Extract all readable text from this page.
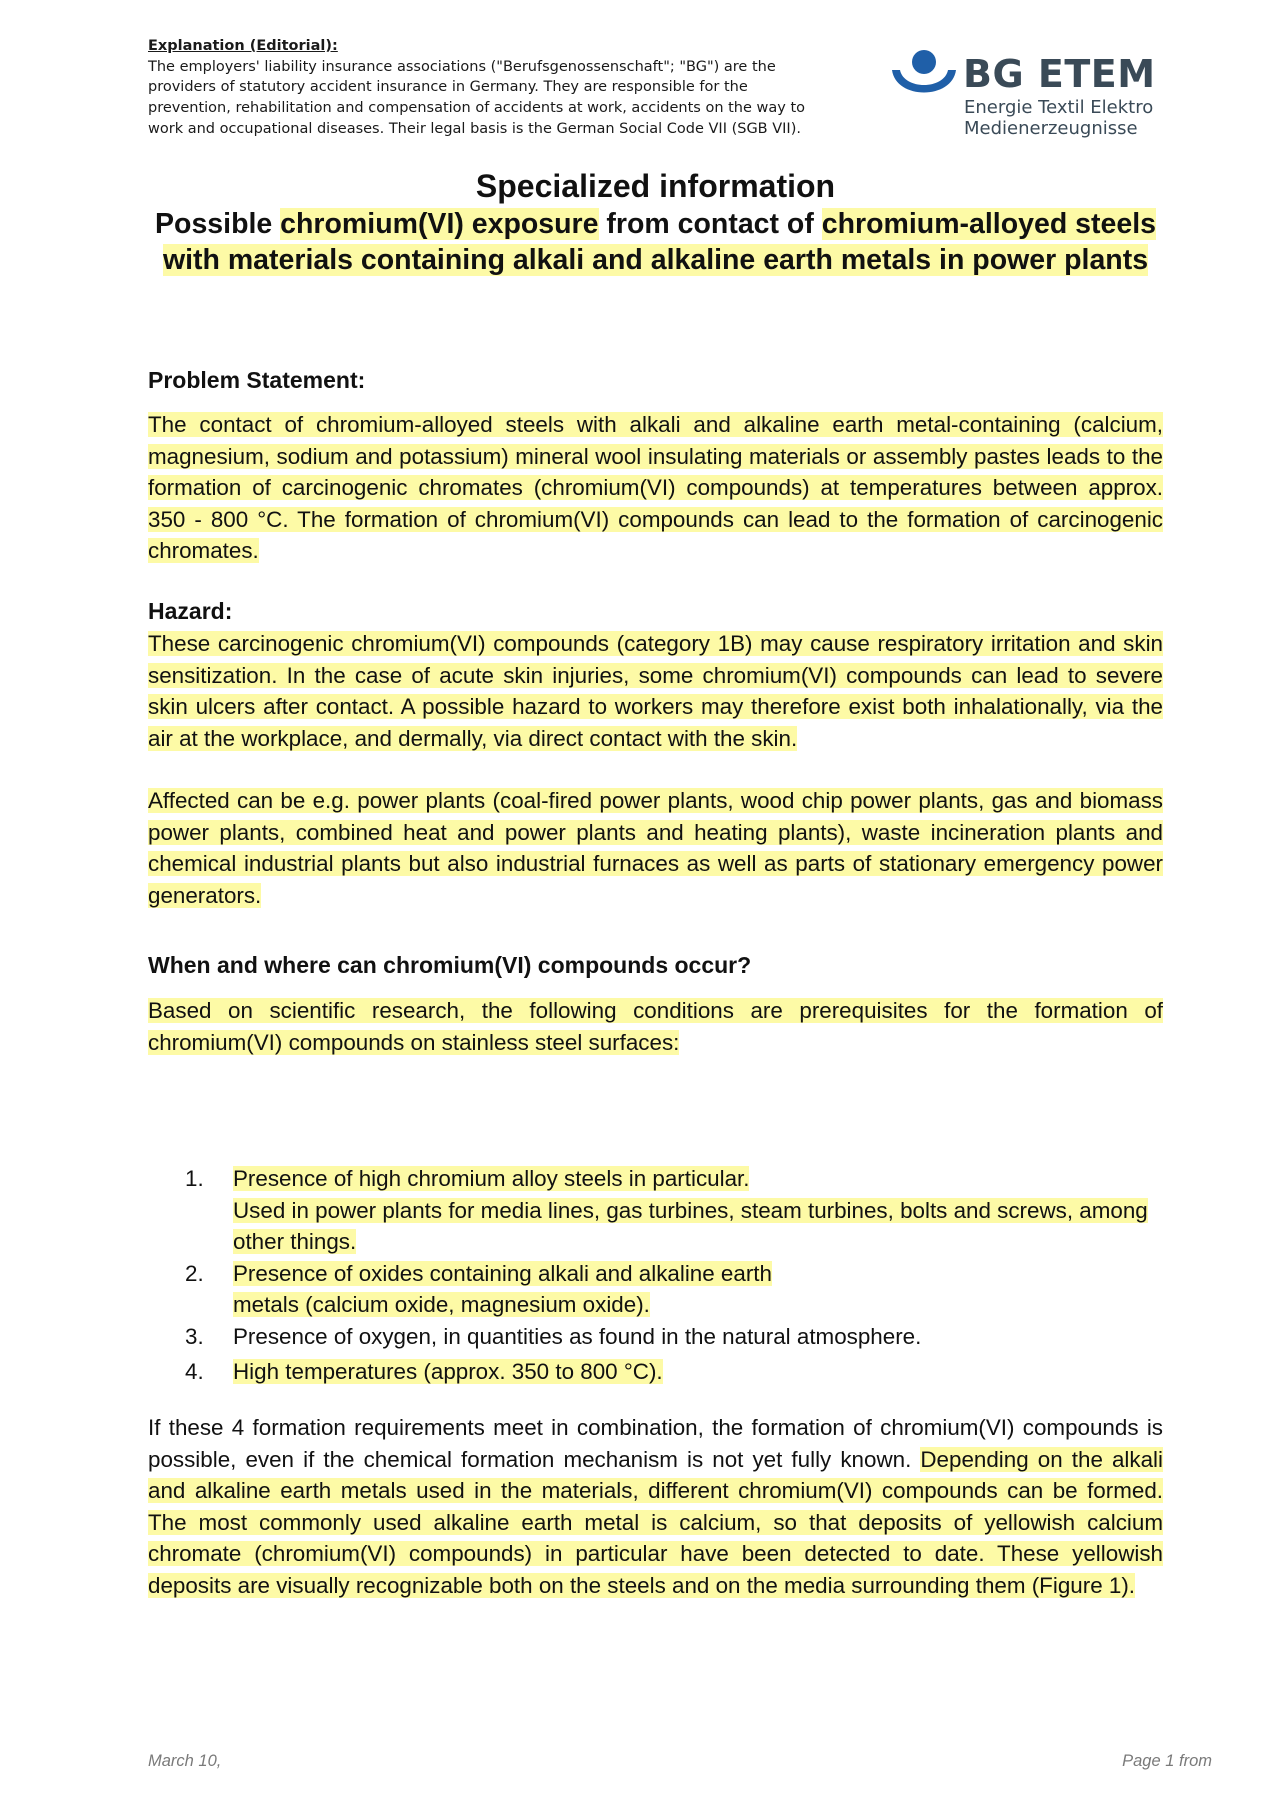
Explanation (Editorial):
The employers' liability insurance associations ("Berufsgenossenschaft"; "BG") are the providers of statutory accident insurance in Germany. They are responsible for the prevention, rehabilitation and compensation of accidents at work, accidents on the way to work and occupational diseases. Their legal basis is the German Social Code VII (SGB VII).
BG ETEM
Energie Textil Elektro
Medienerzeugnisse
Specialized information
Possible chromium(VI) exposure from contact of chromium-alloyed steels with materials containing alkali and alkaline earth metals in power plants
Problem Statement:
The contact of chromium-alloyed steels with alkali and alkaline earth metal-containing (calcium, magnesium, sodium and potassium) mineral wool insulating materials or assembly pastes leads to the formation of carcinogenic chromates (chromium(VI) compounds) at temperatures between approx. 350 - 800 °C. The formation of chromium(VI) compounds can lead to the formation of carcinogenic chromates.
Hazard:
These carcinogenic chromium(VI) compounds (category 1B) may cause respiratory irritation and skin sensitization. In the case of acute skin injuries, some chromium(VI) compounds can lead to severe skin ulcers after contact. A possible hazard to workers may therefore exist both inhalationally, via the air at the workplace, and dermally, via direct contact with the skin.
Affected can be e.g. power plants (coal-fired power plants, wood chip power plants, gas and biomass power plants, combined heat and power plants and heating plants), waste incineration plants and chemical industrial plants but also industrial furnaces as well as parts of stationary emergency power generators.
When and where can chromium(VI) compounds occur?
Based on scientific research, the following conditions are prerequisites for the formation of chromium(VI) compounds on stainless steel surfaces:
1.	Presence of high chromium alloy steels in particular.
Used in power plants for media lines, gas turbines, steam turbines, bolts and screws, among other things.
2.	Presence of oxides containing alkali and alkaline earth metals (calcium oxide, magnesium oxide).
3.	Presence of oxygen, in quantities as found in the natural atmosphere.
4.	High temperatures (approx. 350 to 800 °C).
If these 4 formation requirements meet in combination, the formation of chromium(VI) compounds is possible, even if the chemical formation mechanism is not yet fully known. Depending on the alkali and alkaline earth metals used in the materials, different chromium(VI) compounds can be formed. The most commonly used alkaline earth metal is calcium, so that deposits of yellowish calcium chromate (chromium(VI) compounds) in particular have been detected to date. These yellowish deposits are visually recognizable both on the steels and on the media surrounding them (Figure 1).
March 10,	Page 1 from
